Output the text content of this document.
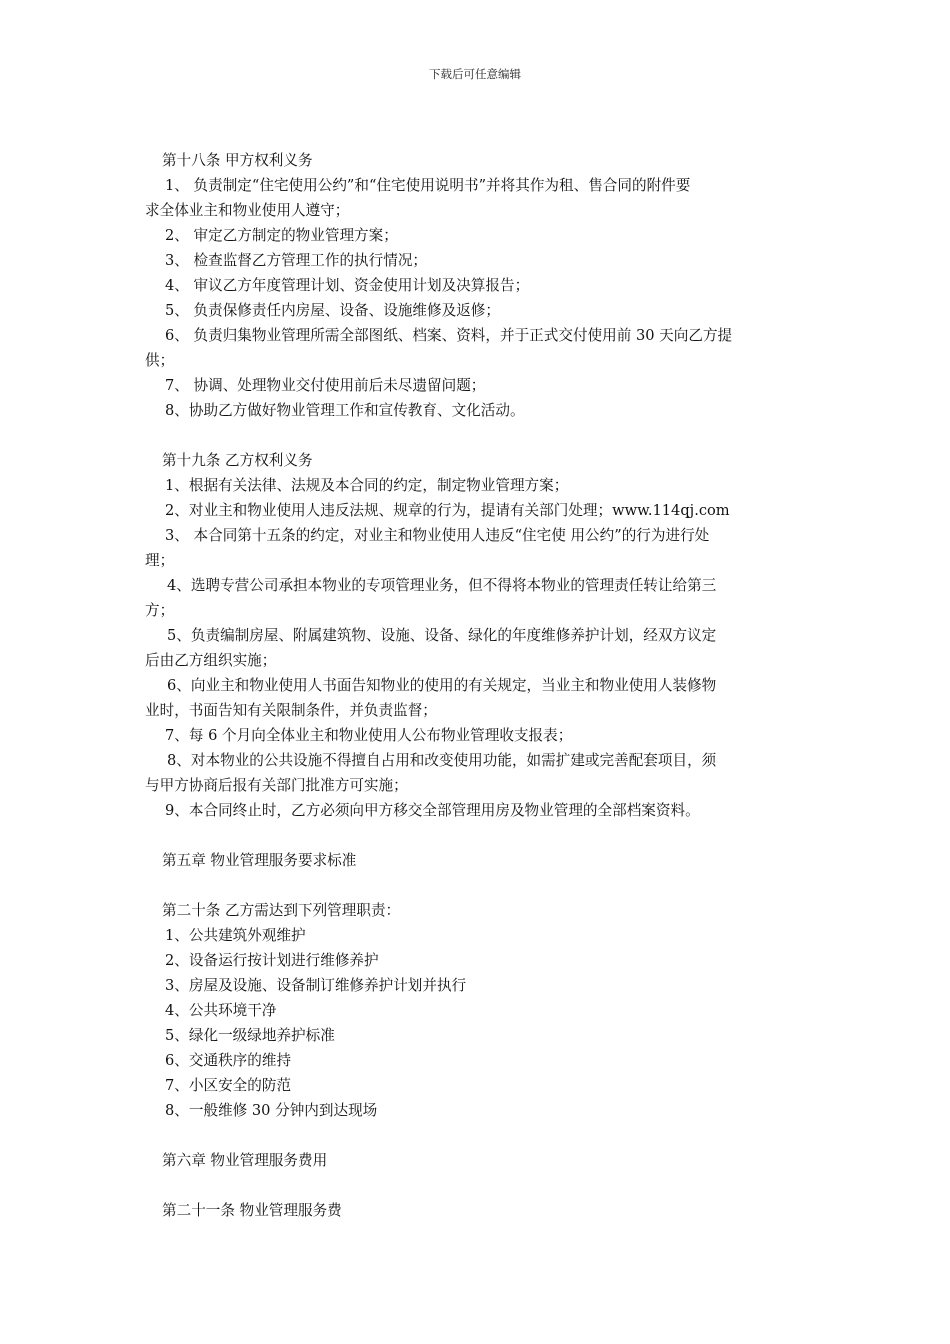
下载后可任意编辑
第十八条 甲方权利义务
1、 负责制定“住宅使用公约”和“住宅使用说明书”并将其作为租、售合同的附件要
求全体业主和物业使用人遵守；
2、 审定乙方制定的物业管理方案；
3、 检查监督乙方管理工作的执行情况；
4、 审议乙方年度管理计划、资金使用计划及决算报告；
5、 负责保修责任内房屋、设备、设施维修及返修；
6、 负责归集物业管理所需全部图纸、档案、资料，并于正式交付使用前 30 天向乙方提
供；
7、 协调、处理物业交付使用前后未尽遗留问题；
8、协助乙方做好物业管理工作和宣传教育、文化活动。
第十九条 乙方权利义务
1、根据有关法律、法规及本合同的约定，制定物业管理方案；
2、对业主和物业使用人违反法规、规章的行为，提请有关部门处理；www.114qj.com
3、 本合同第十五条的约定，对业主和物业使用人违反“住宅使 用公约”的行为进行处
理；
4、选聘专营公司承担本物业的专项管理业务，但不得将本物业的管理责任转让给第三
方；
5、负责编制房屋、附属建筑物、设施、设备、绿化的年度维修养护计划，经双方议定
后由乙方组织实施；
6、向业主和物业使用人书面告知物业的使用的有关规定，当业主和物业使用人装修物
业时，书面告知有关限制条件，并负责监督；
7、每 6 个月向全体业主和物业使用人公布物业管理收支报表；
8、对本物业的公共设施不得擅自占用和改变使用功能，如需扩建或完善配套项目，须
与甲方协商后报有关部门批准方可实施；
9、本合同终止时，乙方必须向甲方移交全部管理用房及物业管理的全部档案资料。
第五章 物业管理服务要求标准
第二十条 乙方需达到下列管理职责：
1、公共建筑外观维护
2、设备运行按计划进行维修养护
3、房屋及设施、设备制订维修养护计划并执行
4、公共环境干净
5、绿化一级绿地养护标准
6、交通秩序的维持
7、小区安全的防范
8、一般维修 30 分钟内到达现场
第六章 物业管理服务费用
第二十一条 物业管理服务费
